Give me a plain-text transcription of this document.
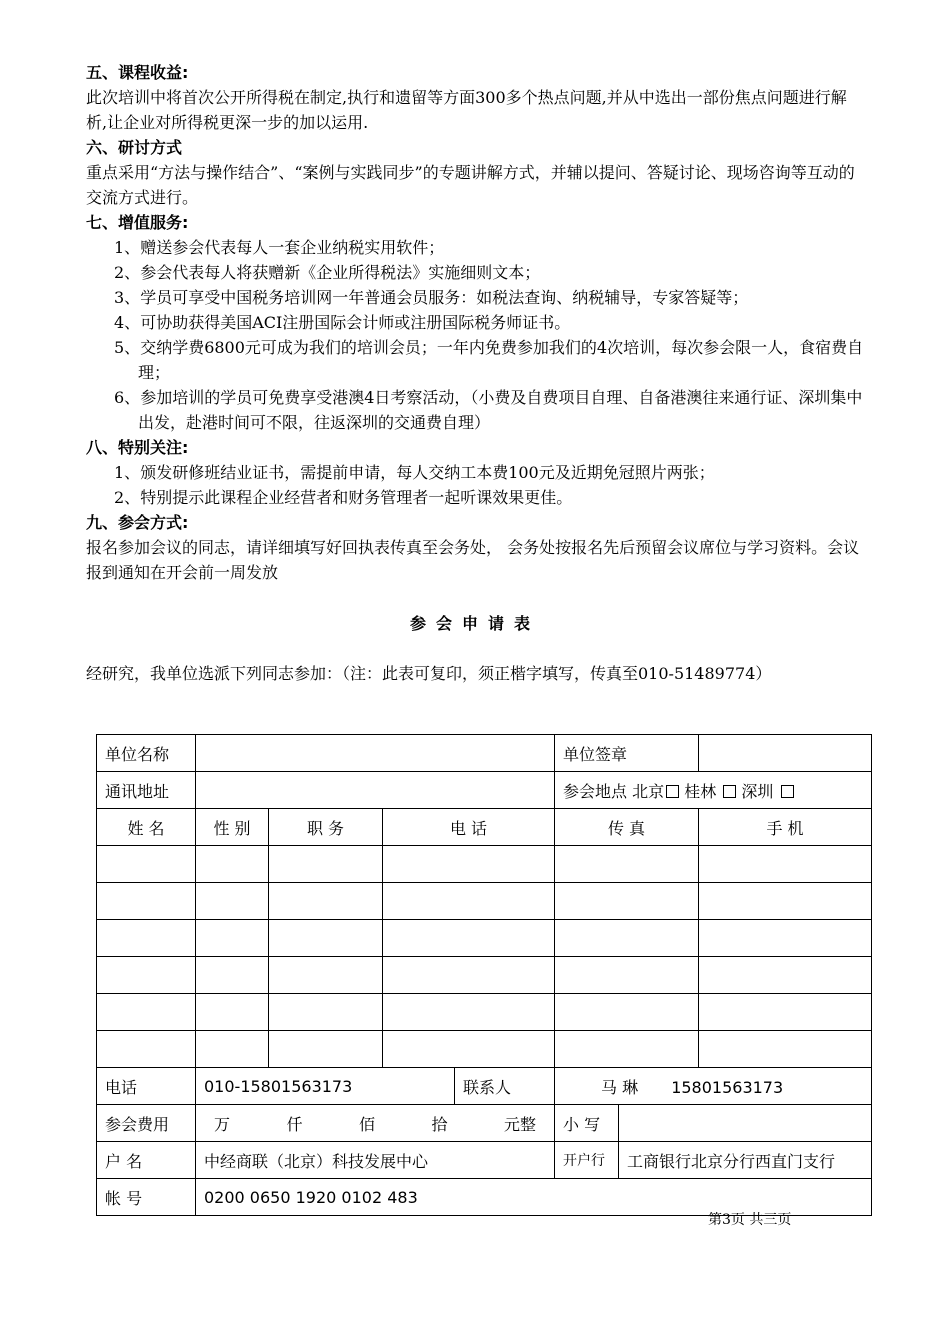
五、课程收益:

此次培训中将首次公开所得税在制定,执行和遗留等方面300多个热点问题,并从中选出一部份焦点问题进行解析,让企业对所得税更深一步的加以运用.

六、研讨方式

重点采用“方法与操作结合”、“案例与实践同步”的专题讲解方式，并辅以提问、答疑讨论、现场咨询等互动的交流方式进行。

七、增值服务:
1、赠送参会代表每人一套企业纳税实用软件；
2、参会代表每人将获赠新《企业所得税法》实施细则文本；
3、学员可享受中国税务培训网一年普通会员服务：如税法查询、纳税辅导，专家答疑等；
4、可协助获得美国ACI注册国际会计师或注册国际税务师证书。
5、交纳学费6800元可成为我们的培训会员；一年内免费参加我们的4次培训，每次参会限一人，食宿费自理；
6、参加培训的学员可免费享受港澳4日考察活动，（小费及自费项目自理、自备港澳往来通行证、深圳集中出发，赴港时间可不限，往返深圳的交通费自理）
八、特别关注:
1、颁发研修班结业证书，需提前申请，每人交纳工本费100元及近期免冠照片两张；
2、特别提示此课程企业经营者和财务管理者一起听课效果更佳。
九、参会方式:

报名参加会议的同志，请详细填写好回执表传真至会务处， 会务处按报名先后预留会议席位与学习资料。会议报到通知在开会前一周发放

参会申请表
经研究，我单位选派下列同志参加：（注：此表可复印，须正楷字填写，传真至010-51489774）
单位名称					单位签章		
通讯地址					参会地点 北京 桂林 深圳		
姓 名	性 别	职 务	电 话		传 真		手 机

电话	010-15801563173			联系人	马 琳 15801563173		
参会费用	万 仟 佰 拾 元整				小 写		
户 名	中经商联（北京）科技发展中心				开户行	工商银行北京分行西直门支行	
帐 号	0200 0650 1920 0102 483						
第3页 共三页
